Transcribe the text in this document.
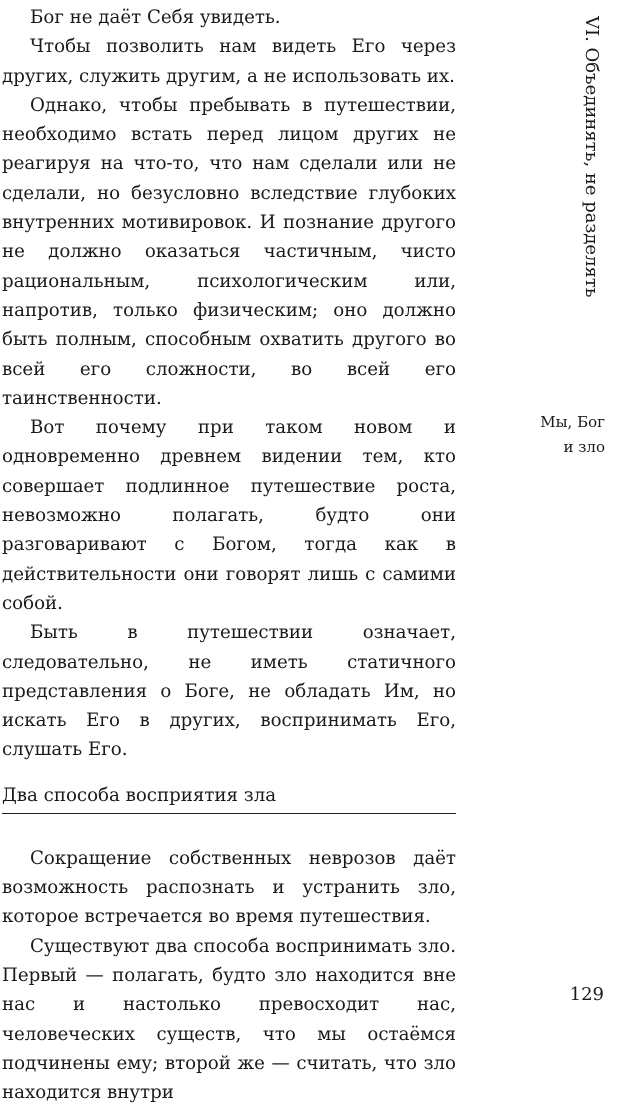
Бог не даёт Себя увидеть.

Чтобы позволить нам видеть Его через других, служить другим, а не использовать их.

Однако, чтобы пребывать в путешествии, необходимо встать перед лицом других не реагируя на что-то, что нам сделали или не сделали, но безусловно вследствие глубоких внутренних мотивировок. И познание другого не должно оказаться частичным, чисто рациональным, психологическим или, напротив, только физическим; оно должно быть полным, способным охватить другого во всей его сложности, во всей его таинственности.

Вот почему при таком новом и одновременно древнем видении тем, кто совершает подлинное путешествие роста, невозможно полагать, будто они разговаривают с Богом, тогда как в действительности они говорят лишь с самими собой.

Быть в путешествии означает, следовательно, не иметь статичного представления о Боге, не обладать Им, но искать Его в других, воспринимать Его, слушать Его.

Два способа восприятия зла

Сокращение собственных неврозов даёт возможность распознать и устранить зло, которое встречается во время путешествия.

Существуют два способа воспринимать зло. Первый — полагать, будто зло находится вне нас и настолько превосходит нас, человеческих существ, что мы остаёмся подчинены ему; второй же — считать, что зло находится внутри

VI. Объединять, не разделять
Мы, Бог
и зло
129
